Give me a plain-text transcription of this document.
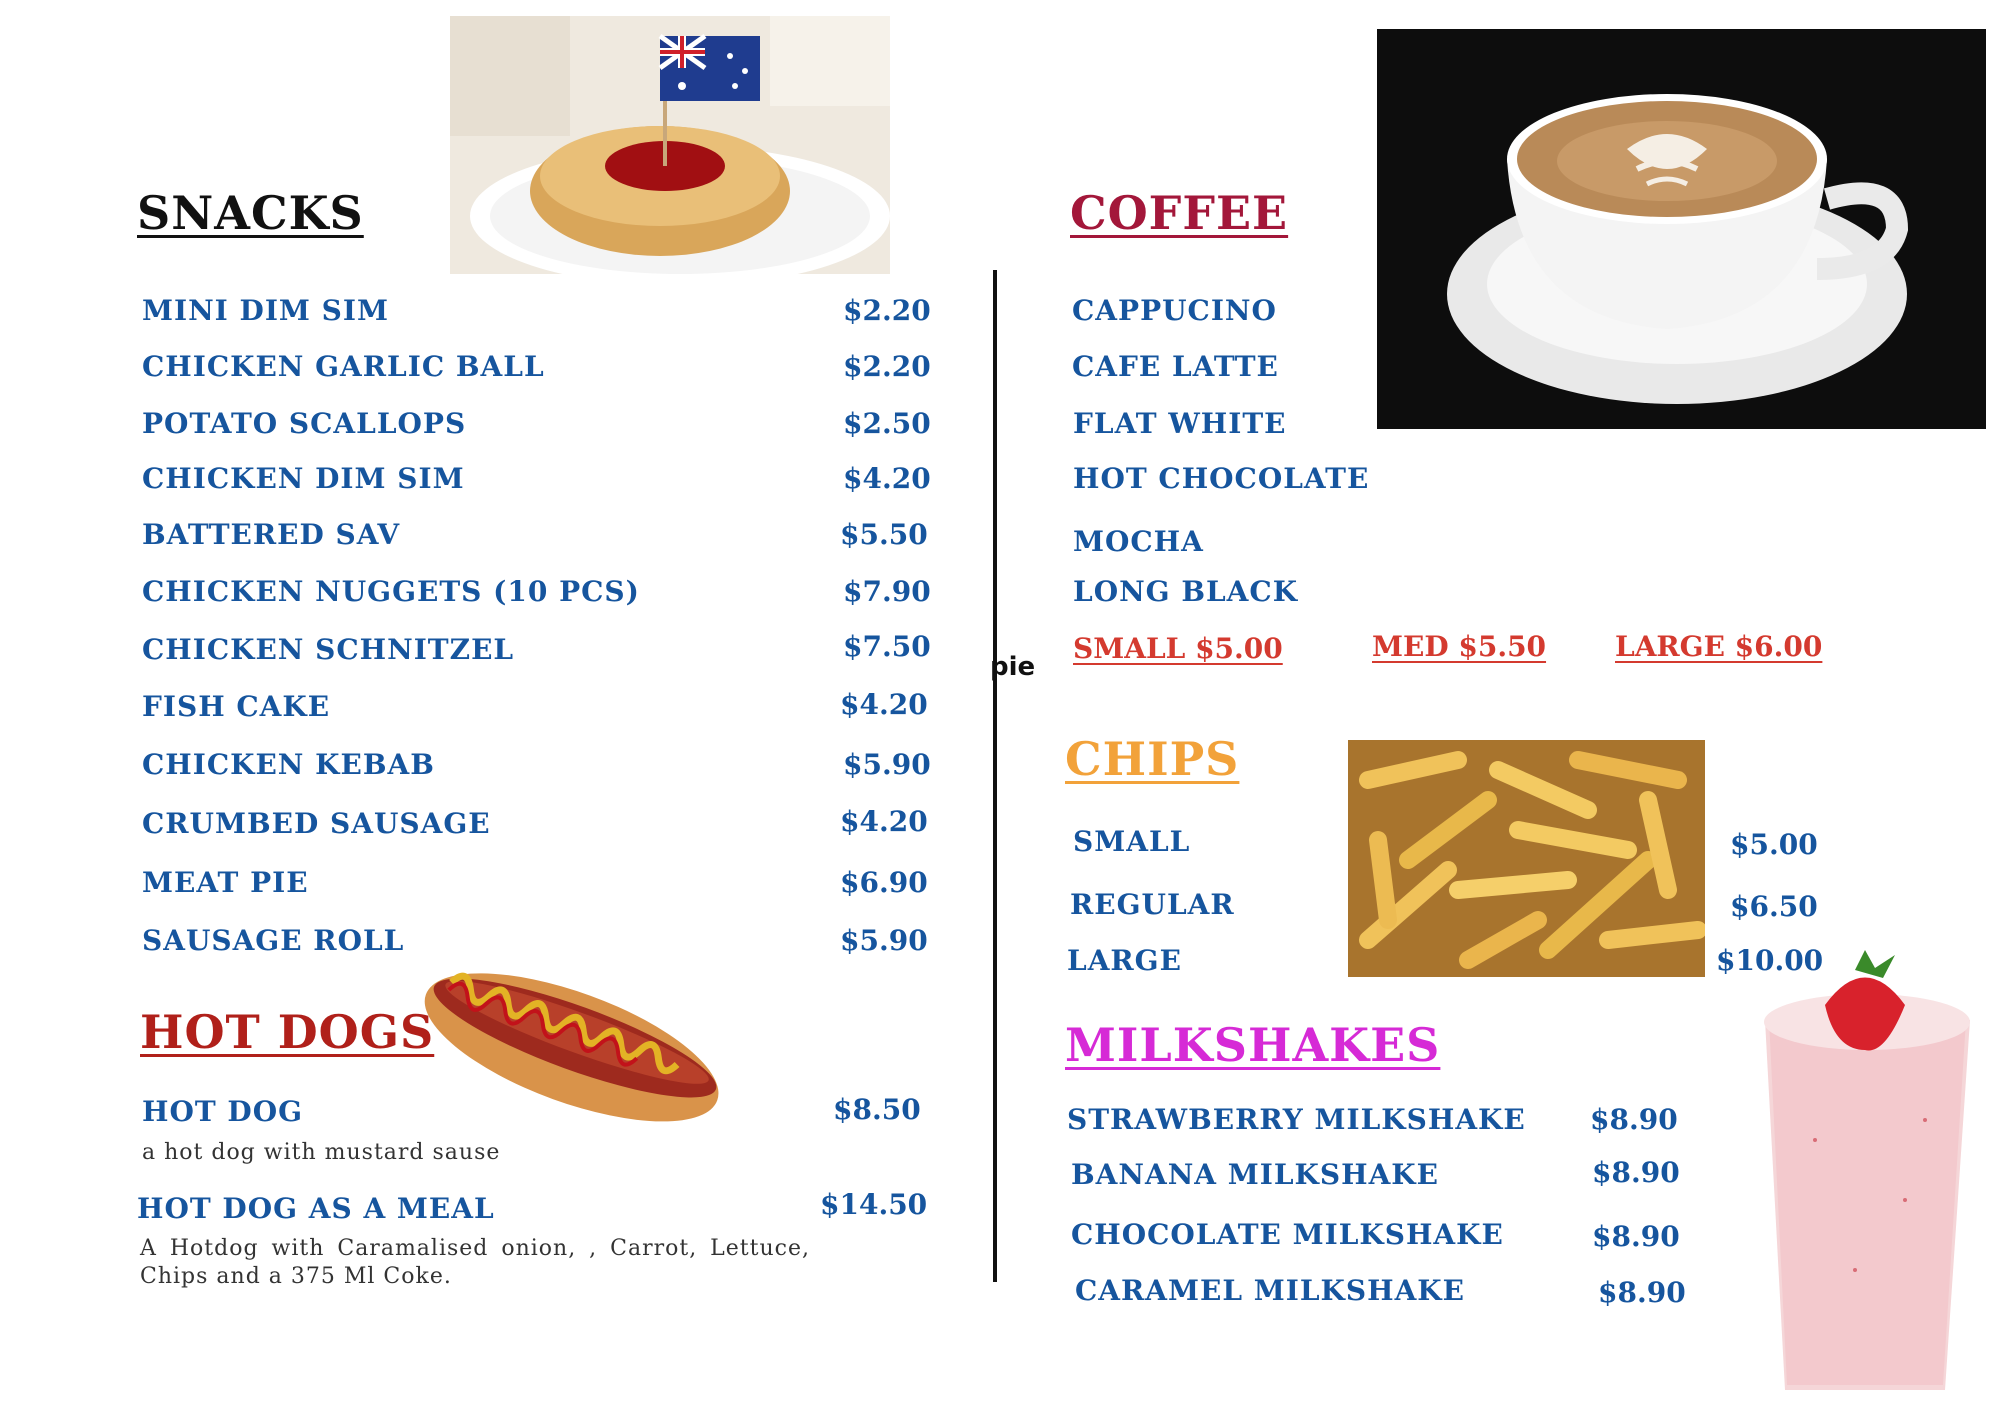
pie
SNACKS
MINI DIM SIM	$2.20
CHICKEN GARLIC BALL	$2.20
POTATO SCALLOPS	$2.50
CHICKEN DIM SIM	$4.20
BATTERED SAV	$5.50
CHICKEN NUGGETS (10 PCS)	$7.90
CHICKEN SCHNITZEL	$7.50
FISH CAKE	$4.20
CHICKEN KEBAB	$5.90
CRUMBED SAUSAGE	$4.20
MEAT PIE	$6.90
SAUSAGE ROLL	$5.90
HOT DOGS
HOT DOG	$8.50
a hot dog with mustard sause
HOT DOG AS A MEAL	$14.50
A Hotdog with Caramalised onion, , Carrot, Lettuce, Chips and a 375 Ml Coke.
COFFEE
CAPPUCINO
CAFE LATTE
FLAT WHITE
HOT CHOCOLATE
MOCHA
LONG BLACK
SMALL $5.00	MED $5.50 LARGE $6.00
CHIPS
SMALL	$5.00
REGULAR	$6.50
LARGE	$10.00
MILKSHAKES
STRAWBERRY MILKSHAKE $8.90
BANANA MILKSHAKE	$8.90
CHOCOLATE MILKSHAKE	$8.90
CARAMEL MILKSHAKE	$8.90
